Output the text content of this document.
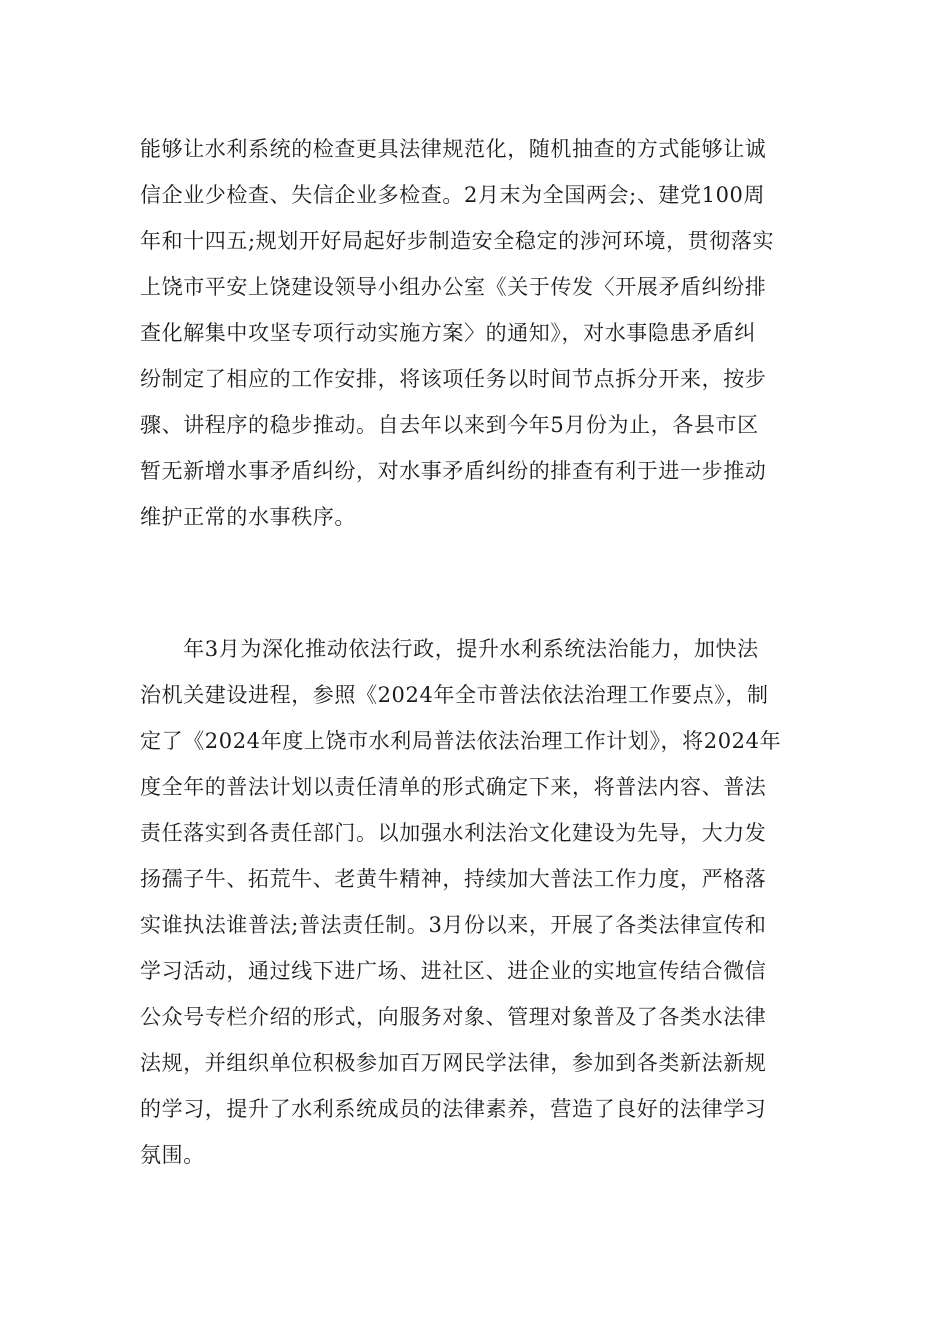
能够让水利系统的检查更具法律规范化，随机抽查的方式能够让诚
信企业少检查、失信企业多检查。2月末为全国两会;、建党100周
年和十四五;规划开好局起好步制造安全稳定的涉河环境，贯彻落实
上饶市平安上饶建设领导小组办公室《关于传发〈开展矛盾纠纷排
查化解集中攻坚专项行动实施方案〉的通知》，对水事隐患矛盾纠
纷制定了相应的工作安排，将该项任务以时间节点拆分开来，按步
骤、讲程序的稳步推动。自去年以来到今年5月份为止，各县市区
暂无新增水事矛盾纠纷，对水事矛盾纠纷的排查有利于进一步推动
维护正常的水事秩序。
　　年3月为深化推动依法行政，提升水利系统法治能力，加快法
治机关建设进程，参照《2024年全市普法依法治理工作要点》，制
定了《2024年度上饶市水利局普法依法治理工作计划》，将2024年
度全年的普法计划以责任清单的形式确定下来，将普法内容、普法
责任落实到各责任部门。以加强水利法治文化建设为先导，大力发
扬孺子牛、拓荒牛、老黄牛精神，持续加大普法工作力度，严格落
实谁执法谁普法;普法责任制。3月份以来，开展了各类法律宣传和
学习活动，通过线下进广场、进社区、进企业的实地宣传结合微信
公众号专栏介绍的形式，向服务对象、管理对象普及了各类水法律
法规，并组织单位积极参加百万网民学法律，参加到各类新法新规
的学习，提升了水利系统成员的法律素养，营造了良好的法律学习
氛围。
